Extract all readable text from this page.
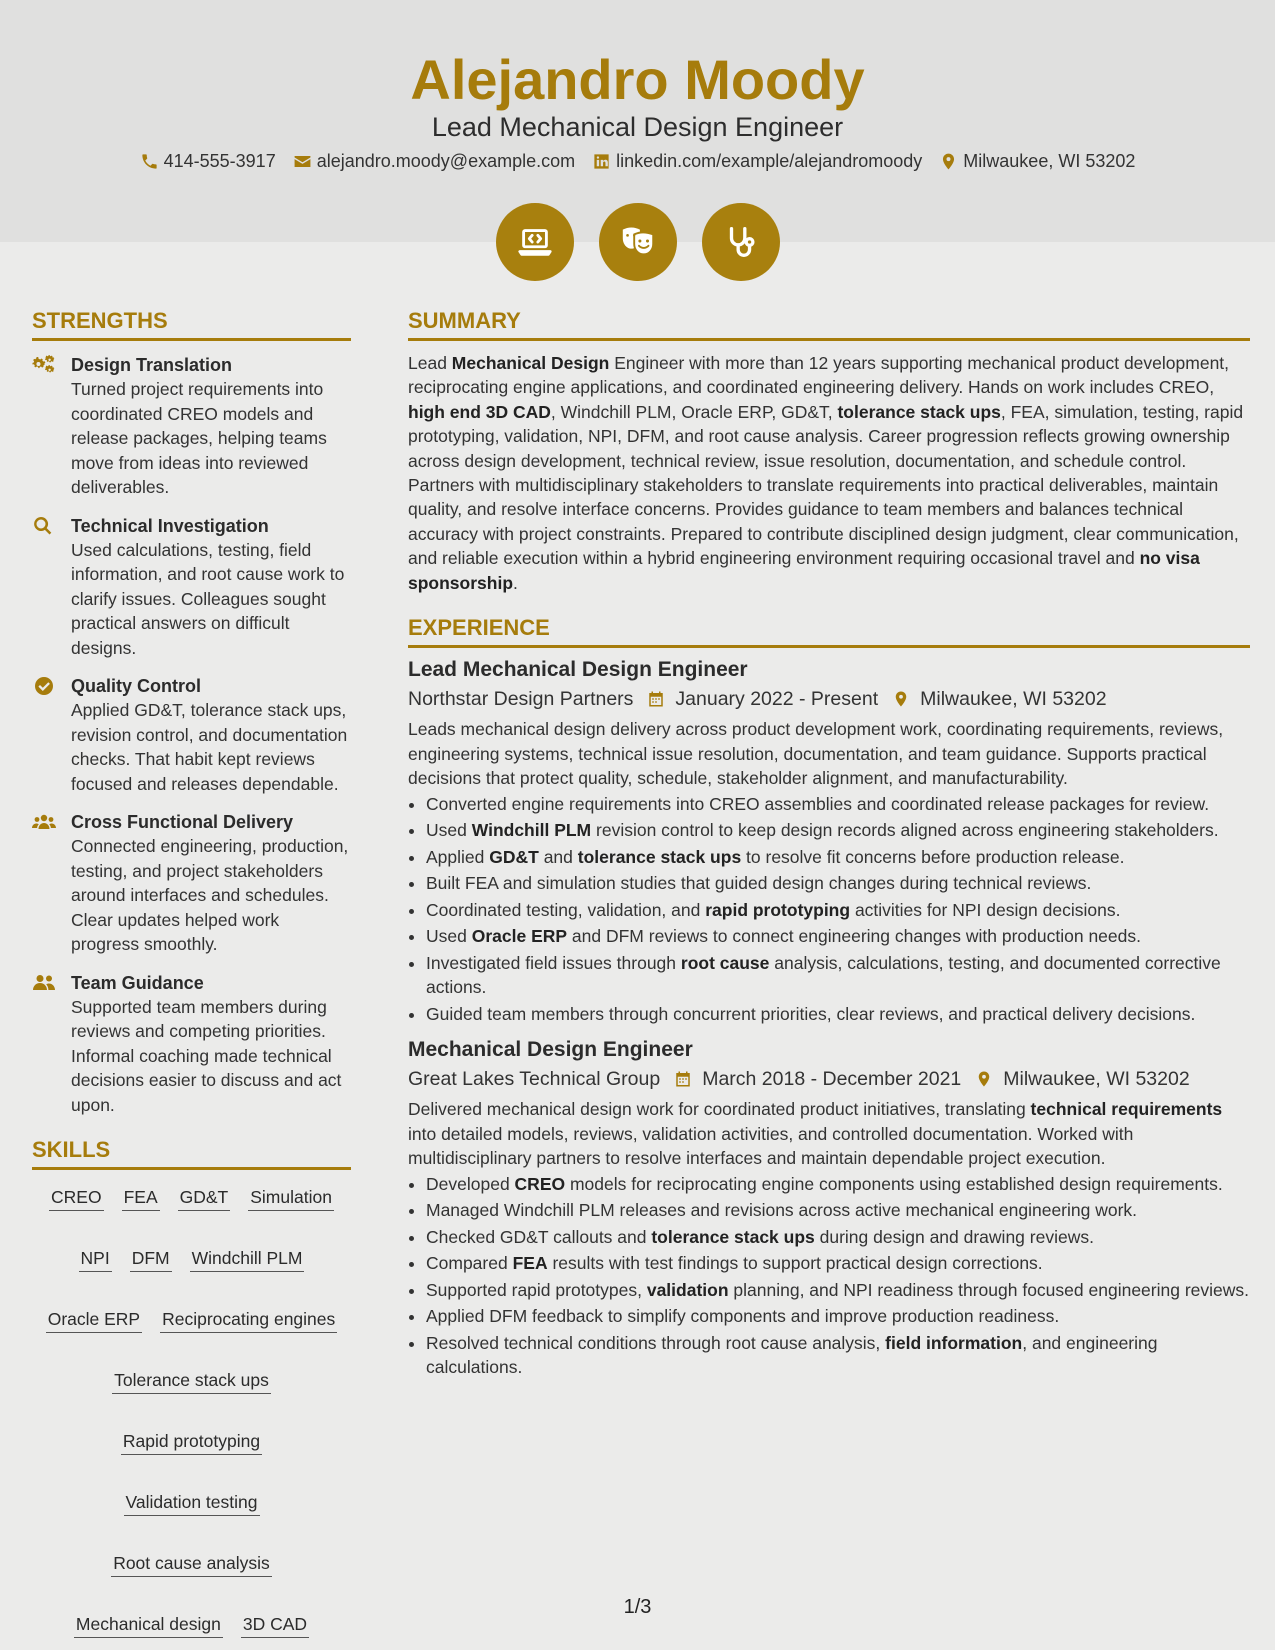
Alejandro Moody
Lead Mechanical Design Engineer
414-555-3917 alejandro.moody@example.com linkedin.com/example/alejandromoody Milwaukee, WI 53202
STRENGTHS
Design Translation
Turned project requirements into coordinated CREO models and release packages, helping teams move from ideas into reviewed deliverables.
Technical Investigation
Used calculations, testing, field information, and root cause work to clarify issues. Colleagues sought practical answers on difficult designs.
Quality Control
Applied GD&T, tolerance stack ups, revision control, and documentation checks. That habit kept reviews focused and releases dependable.
Cross Functional Delivery
Connected engineering, production, testing, and project stakeholders around interfaces and schedules. Clear updates helped work progress smoothly.
Team Guidance
Supported team members during reviews and competing priorities. Informal coaching made technical decisions easier to discuss and act upon.
SKILLS
CREO FEA GD&T Simulation
NPI DFM Windchill PLM
Oracle ERP Reciprocating engines
Tolerance stack ups
Rapid prototyping
Validation testing
Root cause analysis
Mechanical design 3D CAD
SUMMARY

Lead Mechanical Design Engineer with more than 12 years supporting mechanical product development, reciprocating engine applications, and coordinated engineering delivery. Hands on work includes CREO, high end 3D CAD, Windchill PLM, Oracle ERP, GD&T, tolerance stack ups, FEA, simulation, testing, rapid prototyping, validation, NPI, DFM, and root cause analysis. Career progression reflects growing ownership across design development, technical review, issue resolution, documentation, and schedule control. Partners with multidisciplinary stakeholders to translate requirements into practical deliverables, maintain quality, and resolve interface concerns. Provides guidance to team members and balances technical accuracy with project constraints. Prepared to contribute disciplined design judgment, clear communication, and reliable execution within a hybrid engineering environment requiring occasional travel and no visa sponsorship.

EXPERIENCE
Lead Mechanical Design Engineer
Northstar Design Partners January 2022 - Present Milwaukee, WI 53202

Leads mechanical design delivery across product development work, coordinating requirements, reviews, engineering systems, technical issue resolution, documentation, and team guidance. Supports practical decisions that protect quality, schedule, stakeholder alignment, and manufacturability.

• Converted engine requirements into CREO assemblies and coordinated release packages for review.
• Used Windchill PLM revision control to keep design records aligned across engineering stakeholders.
• Applied GD&T and tolerance stack ups to resolve fit concerns before production release.
• Built FEA and simulation studies that guided design changes during technical reviews.
• Coordinated testing, validation, and rapid prototyping activities for NPI design decisions.
• Used Oracle ERP and DFM reviews to connect engineering changes with production needs.
• Investigated field issues through root cause analysis, calculations, testing, and documented corrective actions.
• Guided team members through concurrent priorities, clear reviews, and practical delivery decisions.
Mechanical Design Engineer
Great Lakes Technical Group March 2018 - December 2021 Milwaukee, WI 53202

Delivered mechanical design work for coordinated product initiatives, translating technical requirements into detailed models, reviews, validation activities, and controlled documentation. Worked with multidisciplinary partners to resolve interfaces and maintain dependable project execution.

• Developed CREO models for reciprocating engine components using established design requirements.
• Managed Windchill PLM releases and revisions across active mechanical engineering work.
• Checked GD&T callouts and tolerance stack ups during design and drawing reviews.
• Compared FEA results with test findings to support practical design corrections.
• Supported rapid prototypes, validation planning, and NPI readiness through focused engineering reviews.
• Applied DFM feedback to simplify components and improve production readiness.
• Resolved technical conditions through root cause analysis, field information, and engineering calculations.
1/3
